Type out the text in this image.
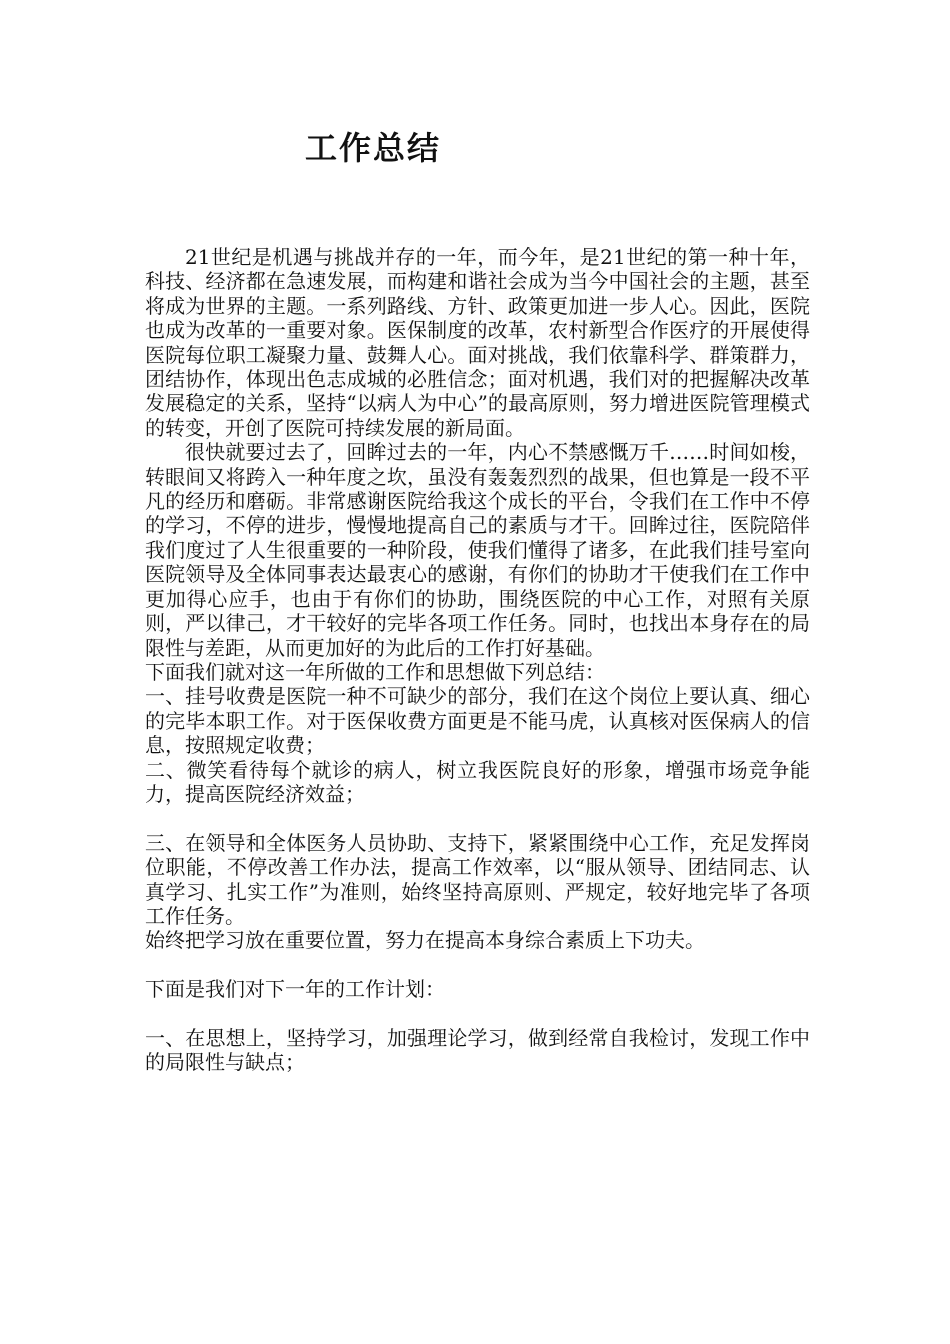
工作总结

21世纪是机遇与挑战并存的一年，而今年，是21世纪的第一种十年，科技、经济都在急速发展，而构建和谐社会成为当今中国社会的主题，甚至将成为世界的主题。一系列路线、方针、政策更加进一步人心。因此，医院也成为改革的一重要对象。医保制度的改革，农村新型合作医疗的开展使得医院每位职工凝聚力量、鼓舞人心。面对挑战，我们依靠科学、群策群力，团结协作，体现出色志成城的必胜信念；面对机遇，我们对的把握解决改革发展稳定的关系，坚持“以病人为中心”的最高原则，努力增进医院管理模式的转变，开创了医院可持续发展的新局面。

很快就要过去了，回眸过去的一年，内心不禁感慨万千……时间如梭，转眼间又将跨入一种年度之坎，虽没有轰轰烈烈的战果，但也算是一段不平凡的经历和磨砺。非常感谢医院给我这个成长的平台，令我们在工作中不停的学习，不停的进步，慢慢地提高自己的素质与才干。回眸过往，医院陪伴我们度过了人生很重要的一种阶段，使我们懂得了诸多，在此我们挂号室向医院领导及全体同事表达最衷心的感谢，有你们的协助才干使我们在工作中更加得心应手，也由于有你们的协助，围绕医院的中心工作，对照有关原则，严以律己，才干较好的完毕各项工作任务。同时，也找出本身存在的局限性与差距，从而更加好的为此后的工作打好基础。

下面我们就对这一年所做的工作和思想做下列总结：

一、挂号收费是医院一种不可缺少的部分，我们在这个岗位上要认真、细心的完毕本职工作。对于医保收费方面更是不能马虎，认真核对医保病人的信息，按照规定收费；

二、微笑看待每个就诊的病人，树立我医院良好的形象，增强市场竞争能力，提高医院经济效益；

三、在领导和全体医务人员协助、支持下，紧紧围绕中心工作，充足发挥岗位职能，不停改善工作办法，提高工作效率，以“服从领导、团结同志、认真学习、扎实工作”为准则，始终坚持高原则、严规定，较好地完毕了各项工作任务。

始终把学习放在重要位置，努力在提高本身综合素质上下功夫。

下面是我们对下一年的工作计划：

一、在思想上，坚持学习，加强理论学习，做到经常自我检讨，发现工作中的局限性与缺点；
